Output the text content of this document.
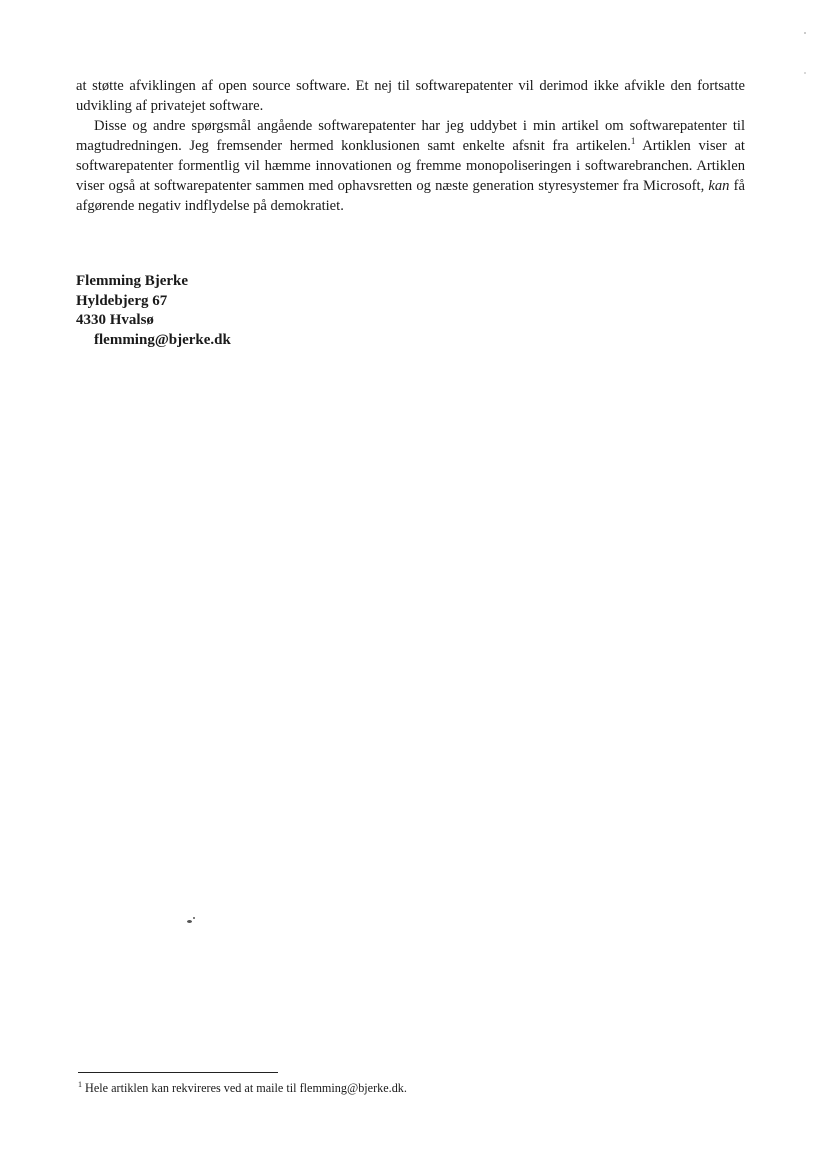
at støtte afviklingen af open source software. Et nej til softwarepatenter vil derimod ikke afvikle den fortsatte udvikling af privatejet software.

Disse og andre spørgsmål angående softwarepatenter har jeg uddybet i min artikel om softwarepatenter til magtudredningen. Jeg fremsender hermed konklusionen samt enkelte afsnit fra artikelen.$^1$ Artiklen viser at softwarepatenter formentlig vil hæmme innovationen og fremme monopoliseringen i softwarebranchen. Artiklen viser også at softwarepatenter sammen med ophavsretten og næste generation styresystemer fra Microsoft, kan få afgørende negativ indflydelse på demokratiet.

Flemming Bjerke
Hyldebjerg 67
4330 Hvalsø
flemming@bjerke.dk
$^1$ Hele artiklen kan rekvireres ved at maile til flemming@bjerke.dk.
